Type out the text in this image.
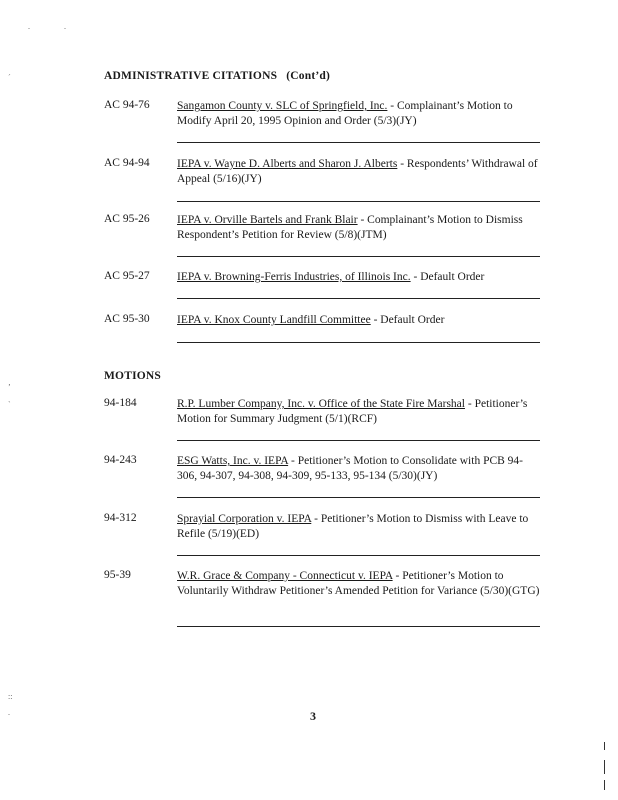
.	.
´
‚
`
::
.
ADMINISTRATIVE CITATIONS (Cont’d)
AC 94-76	Sangamon County v. SLC of Springfield, Inc. - Complainant’s Motion to Modify April 20, 1995 Opinion and Order (5/3)(JY)
AC 94-94	IEPA v. Wayne D. Alberts and Sharon J. Alberts - Respondents’ Withdrawal of Appeal (5/16)(JY)
AC 95-26	IEPA v. Orville Bartels and Frank Blair - Complainant’s Motion to Dismiss Respondent’s Petition for Review (5/8)(JTM)
AC 95-27	IEPA v. Browning-Ferris Industries, of Illinois Inc. - Default Order
AC 95-30	IEPA v. Knox County Landfill Committee - Default Order
MOTIONS
94-184	R.P. Lumber Company, Inc. v. Office of the State Fire Marshal - Petitioner’s Motion for Summary Judgment (5/1)(RCF)
94-243	ESG Watts, Inc. v. IEPA - Petitioner’s Motion to Consolidate with PCB 94-306, 94-307, 94-308, 94-309, 95-133, 95-134 (5/30)(JY)
94-312	Sprayial Corporation v. IEPA - Petitioner’s Motion to Dismiss with Leave to Refile (5/19)(ED)
95-39	W.R. Grace & Company - Connecticut v. IEPA - Petitioner’s Motion to Voluntarily Withdraw Petitioner’s Amended Petition for Variance (5/30)(GTG)
3
